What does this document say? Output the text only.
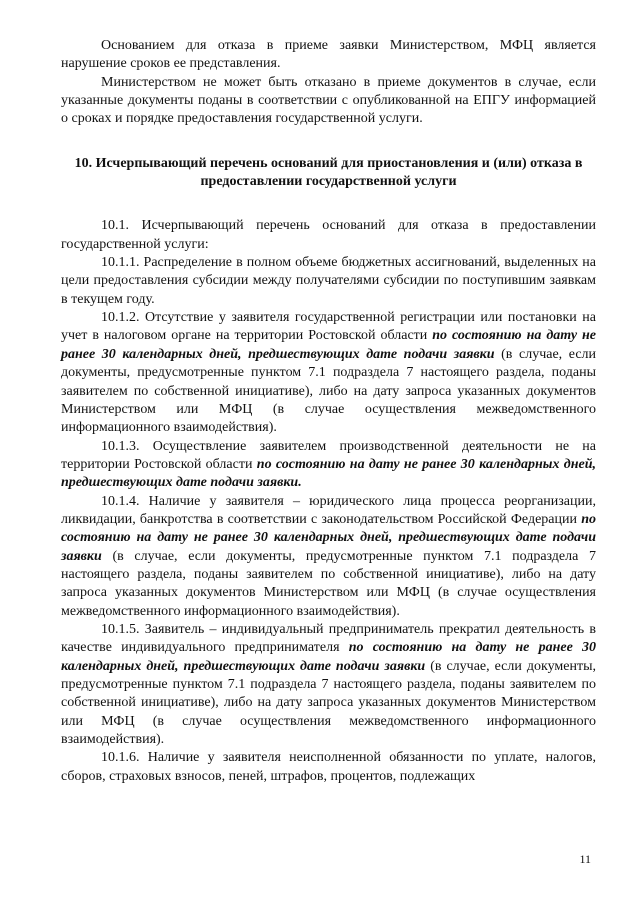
Основанием для отказа в приеме заявки Министерством, МФЦ является нарушение сроков ее представления.

Министерством не может быть отказано в приеме документов в случае, если указанные документы поданы в соответствии с опубликованной на ЕПГУ информацией о сроках и порядке предоставления государственной услуги.

10. Исчерпывающий перечень оснований для приостановления и (или) отказа в предоставлении государственной услуги

10.1. Исчерпывающий перечень оснований для отказа в предоставлении государственной услуги:

10.1.1. Распределение в полном объеме бюджетных ассигнований, выделенных на цели предоставления субсидии между получателями субсидии по поступившим заявкам в текущем году.

10.1.2. Отсутствие у заявителя государственной регистрации или постановки на учет в налоговом органе на территории Ростовской области по состоянию на дату не ранее 30 календарных дней, предшествующих дате подачи заявки (в случае, если документы, предусмотренные пунктом 7.1 подраздела 7 настоящего раздела, поданы заявителем по собственной инициативе), либо на дату запроса указанных документов Министерством или МФЦ (в случае осуществления межведомственного информационного взаимодействия).

10.1.3. Осуществление заявителем производственной деятельности не на территории Ростовской области по состоянию на дату не ранее 30 календарных дней, предшествующих дате подачи заявки.

10.1.4. Наличие у заявителя – юридического лица процесса реорганизации, ликвидации, банкротства в соответствии с законодательством Российской Федерации по состоянию на дату не ранее 30 календарных дней, предшествующих дате подачи заявки (в случае, если документы, предусмотренные пунктом 7.1 подраздела 7 настоящего раздела, поданы заявителем по собственной инициативе), либо на дату запроса указанных документов Министерством или МФЦ (в случае осуществления межведомственного информационного взаимодействия).

10.1.5. Заявитель – индивидуальный предприниматель прекратил деятельность в качестве индивидуального предпринимателя по состоянию на дату не ранее 30 календарных дней, предшествующих дате подачи заявки (в случае, если документы, предусмотренные пунктом 7.1 подраздела 7 настоящего раздела, поданы заявителем по собственной инициативе), либо на дату запроса указанных документов Министерством или МФЦ (в случае осуществления межведомственного информационного взаимодействия).

10.1.6. Наличие у заявителя неисполненной обязанности по уплате, налогов, сборов, страховых взносов, пеней, штрафов, процентов, подлежащих

11
